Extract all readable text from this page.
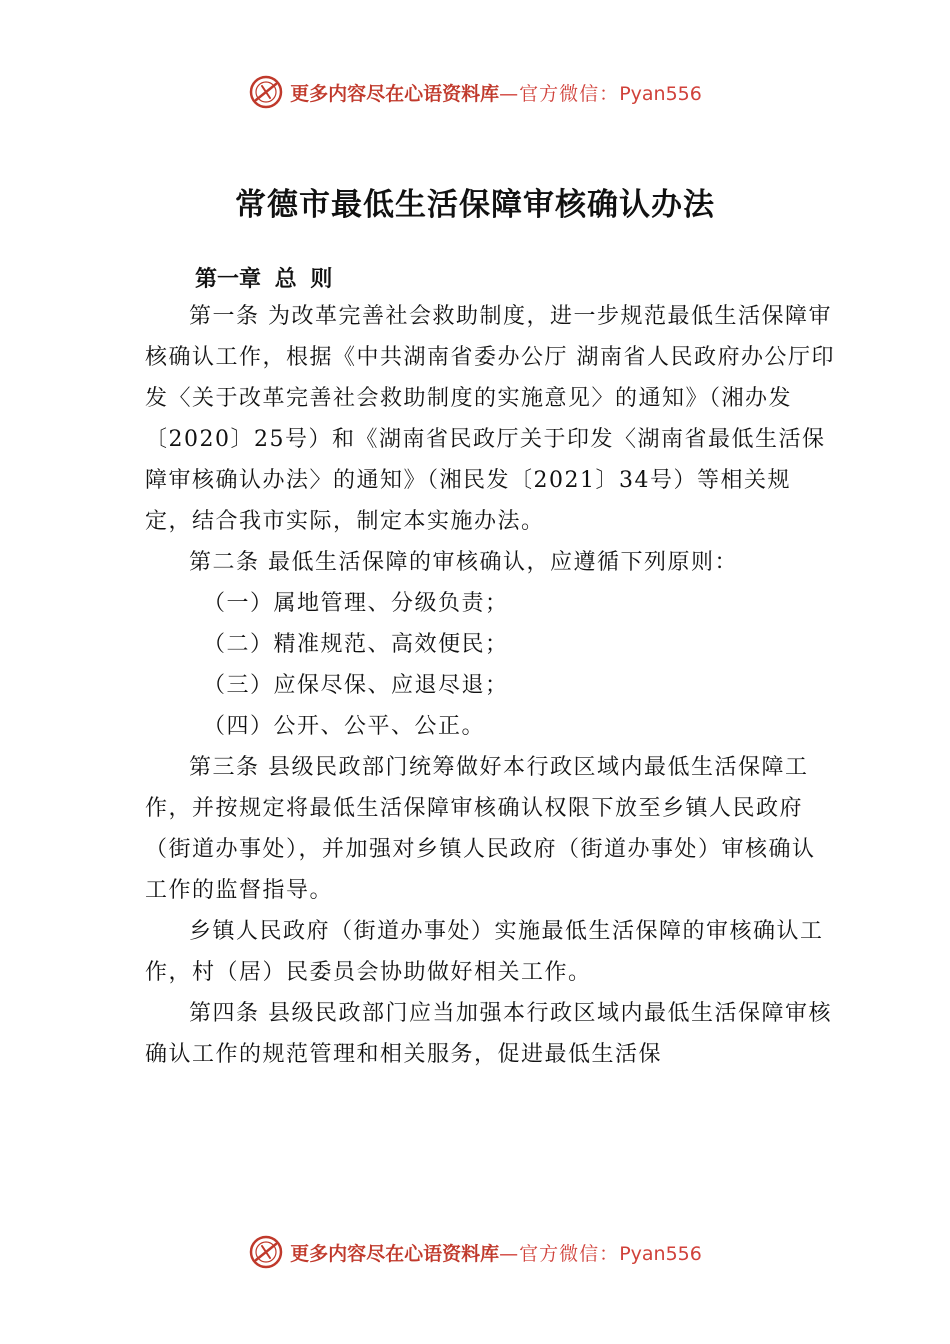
更多内容尽在心语资料库—官方微信：Pyan556
常德市最低生活保障审核确认办法
第一章 总 则

第一条 为改革完善社会救助制度，进一步规范最低生活保障审核确认工作，根据《中共湖南省委办公厅 湖南省人民政府办公厅印发〈关于改革完善社会救助制度的实施意见〉的通知》（湘办发〔2020〕25号）和《湖南省民政厅关于印发〈湖南省最低生活保障审核确认办法〉的通知》（湘民发〔2021〕34号）等相关规定，结合我市实际，制定本实施办法。

第二条 最低生活保障的审核确认，应遵循下列原则：

（一）属地管理、分级负责；

（二）精准规范、高效便民；

（三）应保尽保、应退尽退；

（四）公开、公平、公正。

第三条 县级民政部门统筹做好本行政区域内最低生活保障工作，并按规定将最低生活保障审核确认权限下放至乡镇人民政府（街道办事处），并加强对乡镇人民政府（街道办事处）审核确认工作的监督指导。

乡镇人民政府（街道办事处）实施最低生活保障的审核确认工作，村（居）民委员会协助做好相关工作。

第四条 县级民政部门应当加强本行政区域内最低生活保障审核确认工作的规范管理和相关服务，促进最低生活保

更多内容尽在心语资料库—官方微信：Pyan556
